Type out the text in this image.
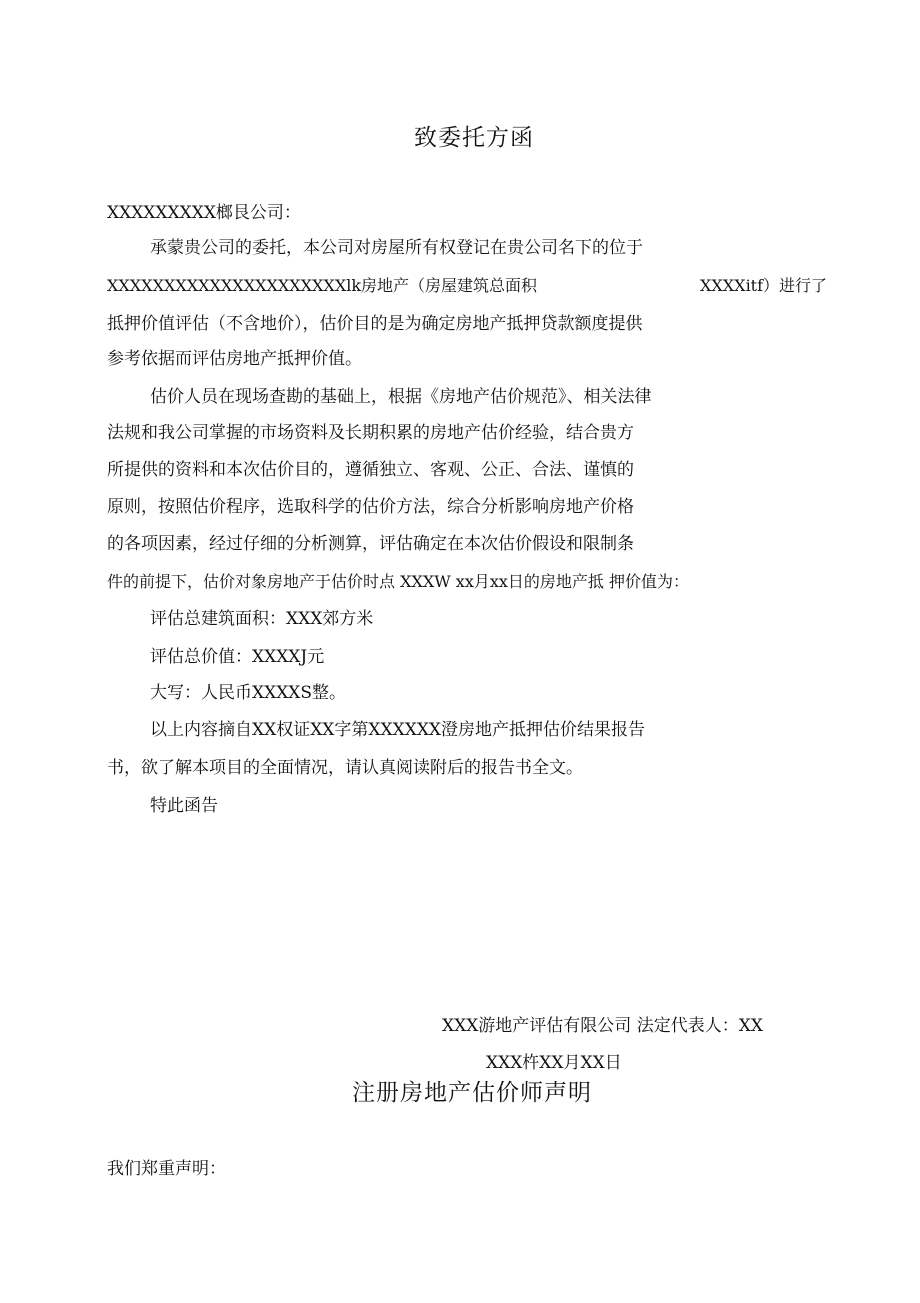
致委托方函
XXXXXXXXX榔艮公司：
承蒙贵公司的委托，本公司对房屋所有权登记在贵公司名下的位于
XXXXXXXXXXXXXXXXXXXXXlk房地产（房屋建筑总面积	XXXXitf）进行了
抵押价值评估（不含地价），估价目的是为确定房地产抵押贷款额度提供
参考依据而评估房地产抵押价值。
估价人员在现场查勘的基础上，根据《房地产估价规范》、相关法律
法规和我公司掌握的市场资料及长期积累的房地产估价经验，结合贵方
所提供的资料和本次估价目的，遵循独立、客观、公正、合法、谨慎的
原则，按照估价程序，选取科学的估价方法，综合分析影响房地产价格
的各项因素，经过仔细的分析测算，评估确定在本次估价假设和限制条
件的前提下，估价对象房地产于估价时点 XXXW xx月xx日的房地产抵 押价值为：
评估总建筑面积：XXX郊方米
评估总价值：XXXXJ元
大写：人民币XXXXS整。
以上内容摘自XX权证XX字第XXXXXX澄房地产抵押估价结果报告
书，欲了解本项目的全面情况，请认真阅读附后的报告书全文。
特此函告
XXX游地产评估有限公司 法定代表人：XX
XXX杵XX月XX日
注册房地产估价师声明
我们郑重声明：
